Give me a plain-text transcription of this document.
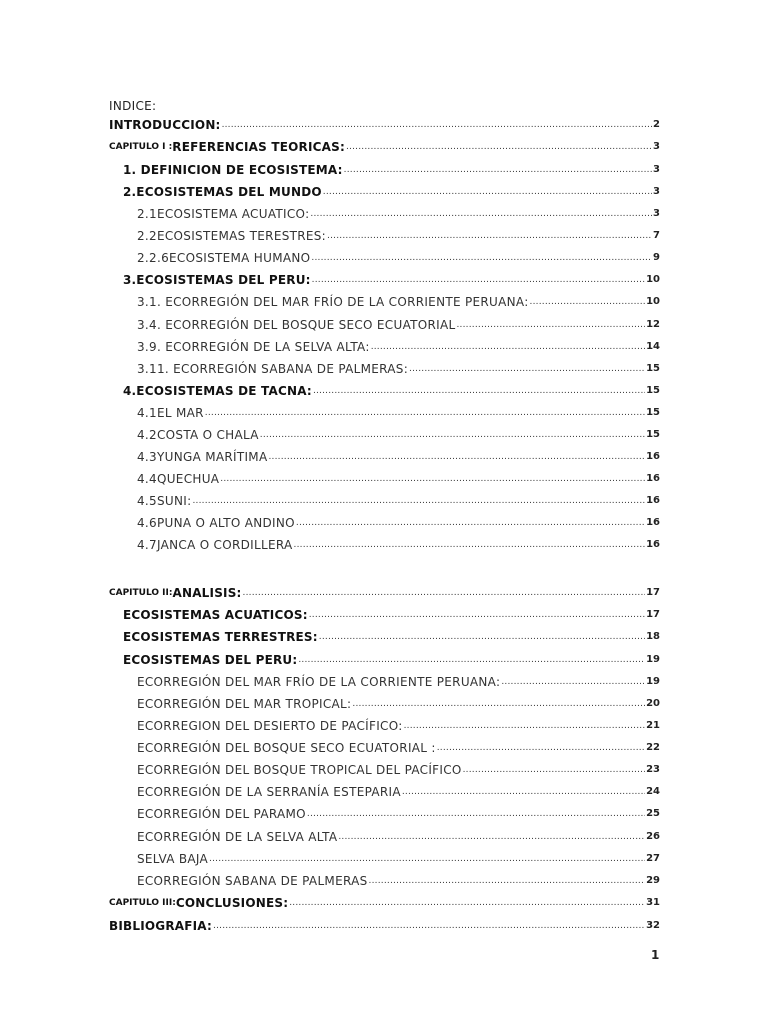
INDICE:
INTRODUCCION: .....	2
CAPITULO I : REFERENCIAS TEORICAS: .....	3
1. DEFINICION DE ECOSISTEMA: .....	3
2.ECOSISTEMAS DEL MUNDO .....	3
2.1ECOSISTEMA ACUATICO: .....	3
2.2ECOSISTEMAS TERESTRES: .....	7
2.2.6ECOSISTEMA HUMANO .....	9
3.ECOSISTEMAS DEL PERU: .....	10
3.1. ECORREGIÓN DEL MAR FRÍO DE LA CORRIENTE PERUANA: .....	10
3.4. ECORREGIÓN DEL BOSQUE SECO ECUATORIAL .....	12
3.9. ECORREGIÓN DE LA SELVA ALTA: .....	14
3.11. ECORREGIÓN SABANA DE PALMERAS: .....	15
4.ECOSISTEMAS DE TACNA: .....	15
4.1EL MAR .....	15
4.2COSTA O CHALA .....	15
4.3YUNGA MARÍTIMA .....	16
4.4QUECHUA .....	16
4.5SUNI: .....	16
4.6PUNA O ALTO ANDINO .....	16
4.7JANCA O CORDILLERA .....	16
CAPITULO II: ANALISIS: .....	17
ECOSISTEMAS ACUATICOS: .....	17
ECOSISTEMAS TERRESTRES: .....	18
ECOSISTEMAS DEL PERU: .....	19
ECORREGIÓN DEL MAR FRÍO DE LA CORRIENTE PERUANA: .....	19
ECORREGIÓN DEL MAR TROPICAL: .....	20
ECORREGION DEL DESIERTO DE PACÍFICO: .....	21
ECORREGIÓN DEL BOSQUE SECO ECUATORIAL : .....	22
ECORREGIÓN DEL BOSQUE TROPICAL DEL PACÍFICO .....	23
ECORREGIÓN DE LA SERRANÍA ESTEPARIA .....	24
ECORREGIÓN DEL PARAMO .....	25
ECORREGIÓN DE LA SELVA ALTA .....	26
SELVA BAJA .....	27
ECORREGIÓN SABANA DE PALMERAS .....	29
CAPITULO III: CONCLUSIONES: .....	31
BIBLIOGRAFIA: .....	32
1
